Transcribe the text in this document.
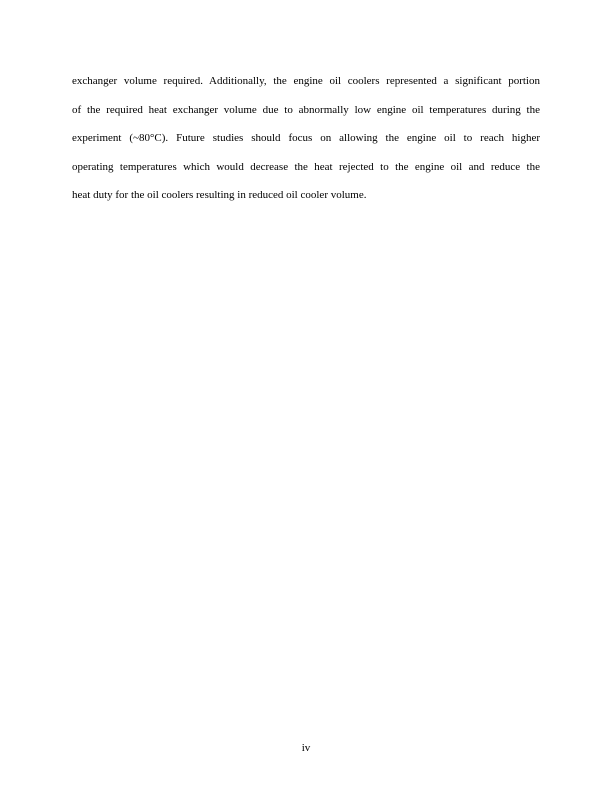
exchanger volume required. Additionally, the engine oil coolers represented a significant portion
of the required heat exchanger volume due to abnormally low engine oil temperatures during the
experiment (~80°C). Future studies should focus on allowing the engine oil to reach higher
operating temperatures which would decrease the heat rejected to the engine oil and reduce the
heat duty for the oil coolers resulting in reduced oil cooler volume.
iv
